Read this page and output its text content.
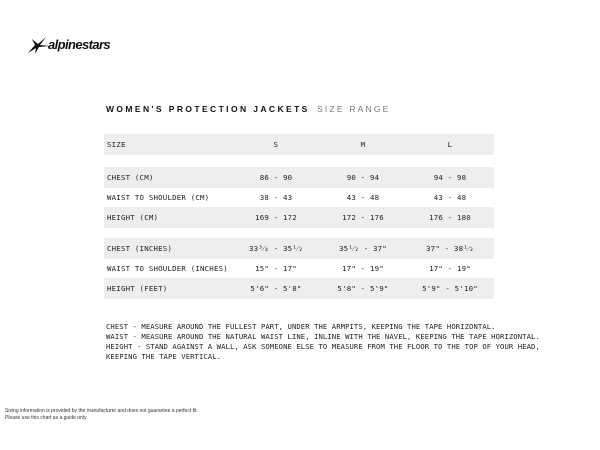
alpinestars
WOMEN'S PROTECTION JACKETS SIZE RANGE
SIZE	S	M	L
CHEST (CM)	86 - 90	90 - 94	94 - 98
WAIST TO SHOULDER (CM)	38 - 43	43 - 48	43 - 48
HEIGHT (CM)	169 - 172	172 - 176	176 - 180
CHEST (INCHES)	33³⁄₄ - 35¹⁄₂	35¹⁄₂ - 37"	37" - 38¹⁄₂
WAIST TO SHOULDER (INCHES)	15" - 17"	17" - 19"	17" - 19"
HEIGHT (FEET)	5'6" - 5'8"	5'8" - 5'9"	5'9" - 5'10"
CHEST - MEASURE AROUND THE FULLEST PART, UNDER THE ARMPITS, KEEPING THE TAPE HORIZONTAL.
WAIST - MEASURE AROUND THE NATURAL WAIST LINE, INLINE WITH THE NAVEL, KEEPING THE TAPE HORIZONTAL.
HEIGHT - STAND AGAINST A WALL, ASK SOMEONE ELSE TO MEASURE FROM THE FLOOR TO THE TOP OF YOUR HEAD,
KEEPING THE TAPE VERTICAL.
Sizing information is provided by the manufacturer and does not guarantee a perfect fit.
Please use this chart as a guide only.
